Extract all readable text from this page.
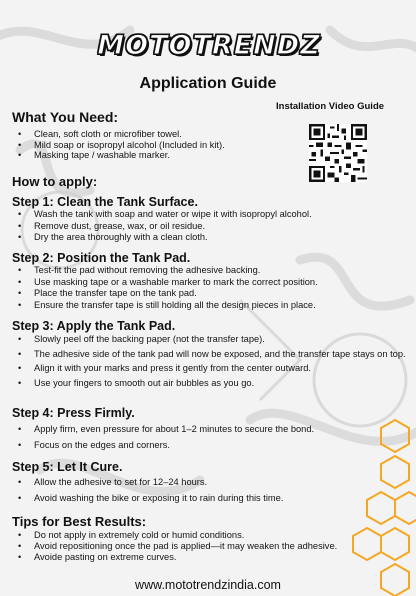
MOTOTRENDZ
Application Guide
What You Need:
Installation Video Guide
• Clean, soft cloth or microfiber towel.
• Mild soap or isopropyl alcohol (Included in kit).
• Masking tape / washable marker.
How to apply:
Step 1: Clean the Tank Surface.
• Wash the tank with soap and water or wipe it with isopropyl alcohol.
• Remove dust, grease, wax, or oil residue.
• Dry the area thoroughly with a clean cloth.
Step 2: Position the Tank Pad.
• Test-fit the pad without removing the adhesive backing.
• Use masking tape or a washable marker to mark the correct position.
• Place the transfer tape on the tank pad.
• Ensure the transfer tape is still holding all the design pieces in place.
Step 3: Apply the Tank Pad.
• Slowly peel off the backing paper (not the transfer tape).
• The adhesive side of the tank pad will now be exposed, and the transfer tape stays on top.
• Align it with your marks and press it gently from the center outward.
• Use your fingers to smooth out air bubbles as you go.
Step 4: Press Firmly.
• Apply firm, even pressure for about 1–2 minutes to secure the bond.
• Focus on the edges and corners.
Step 5: Let It Cure.
• Allow the adhesive to set for 12–24 hours.
• Avoid washing the bike or exposing it to rain during this time.
Tips for Best Results:
• Do not apply in extremely cold or humid conditions.
• Avoid repositioning once the pad is applied—it may weaken the adhesive.
• Avoide pasting on extreme curves.
www.mototrendzindia.com
